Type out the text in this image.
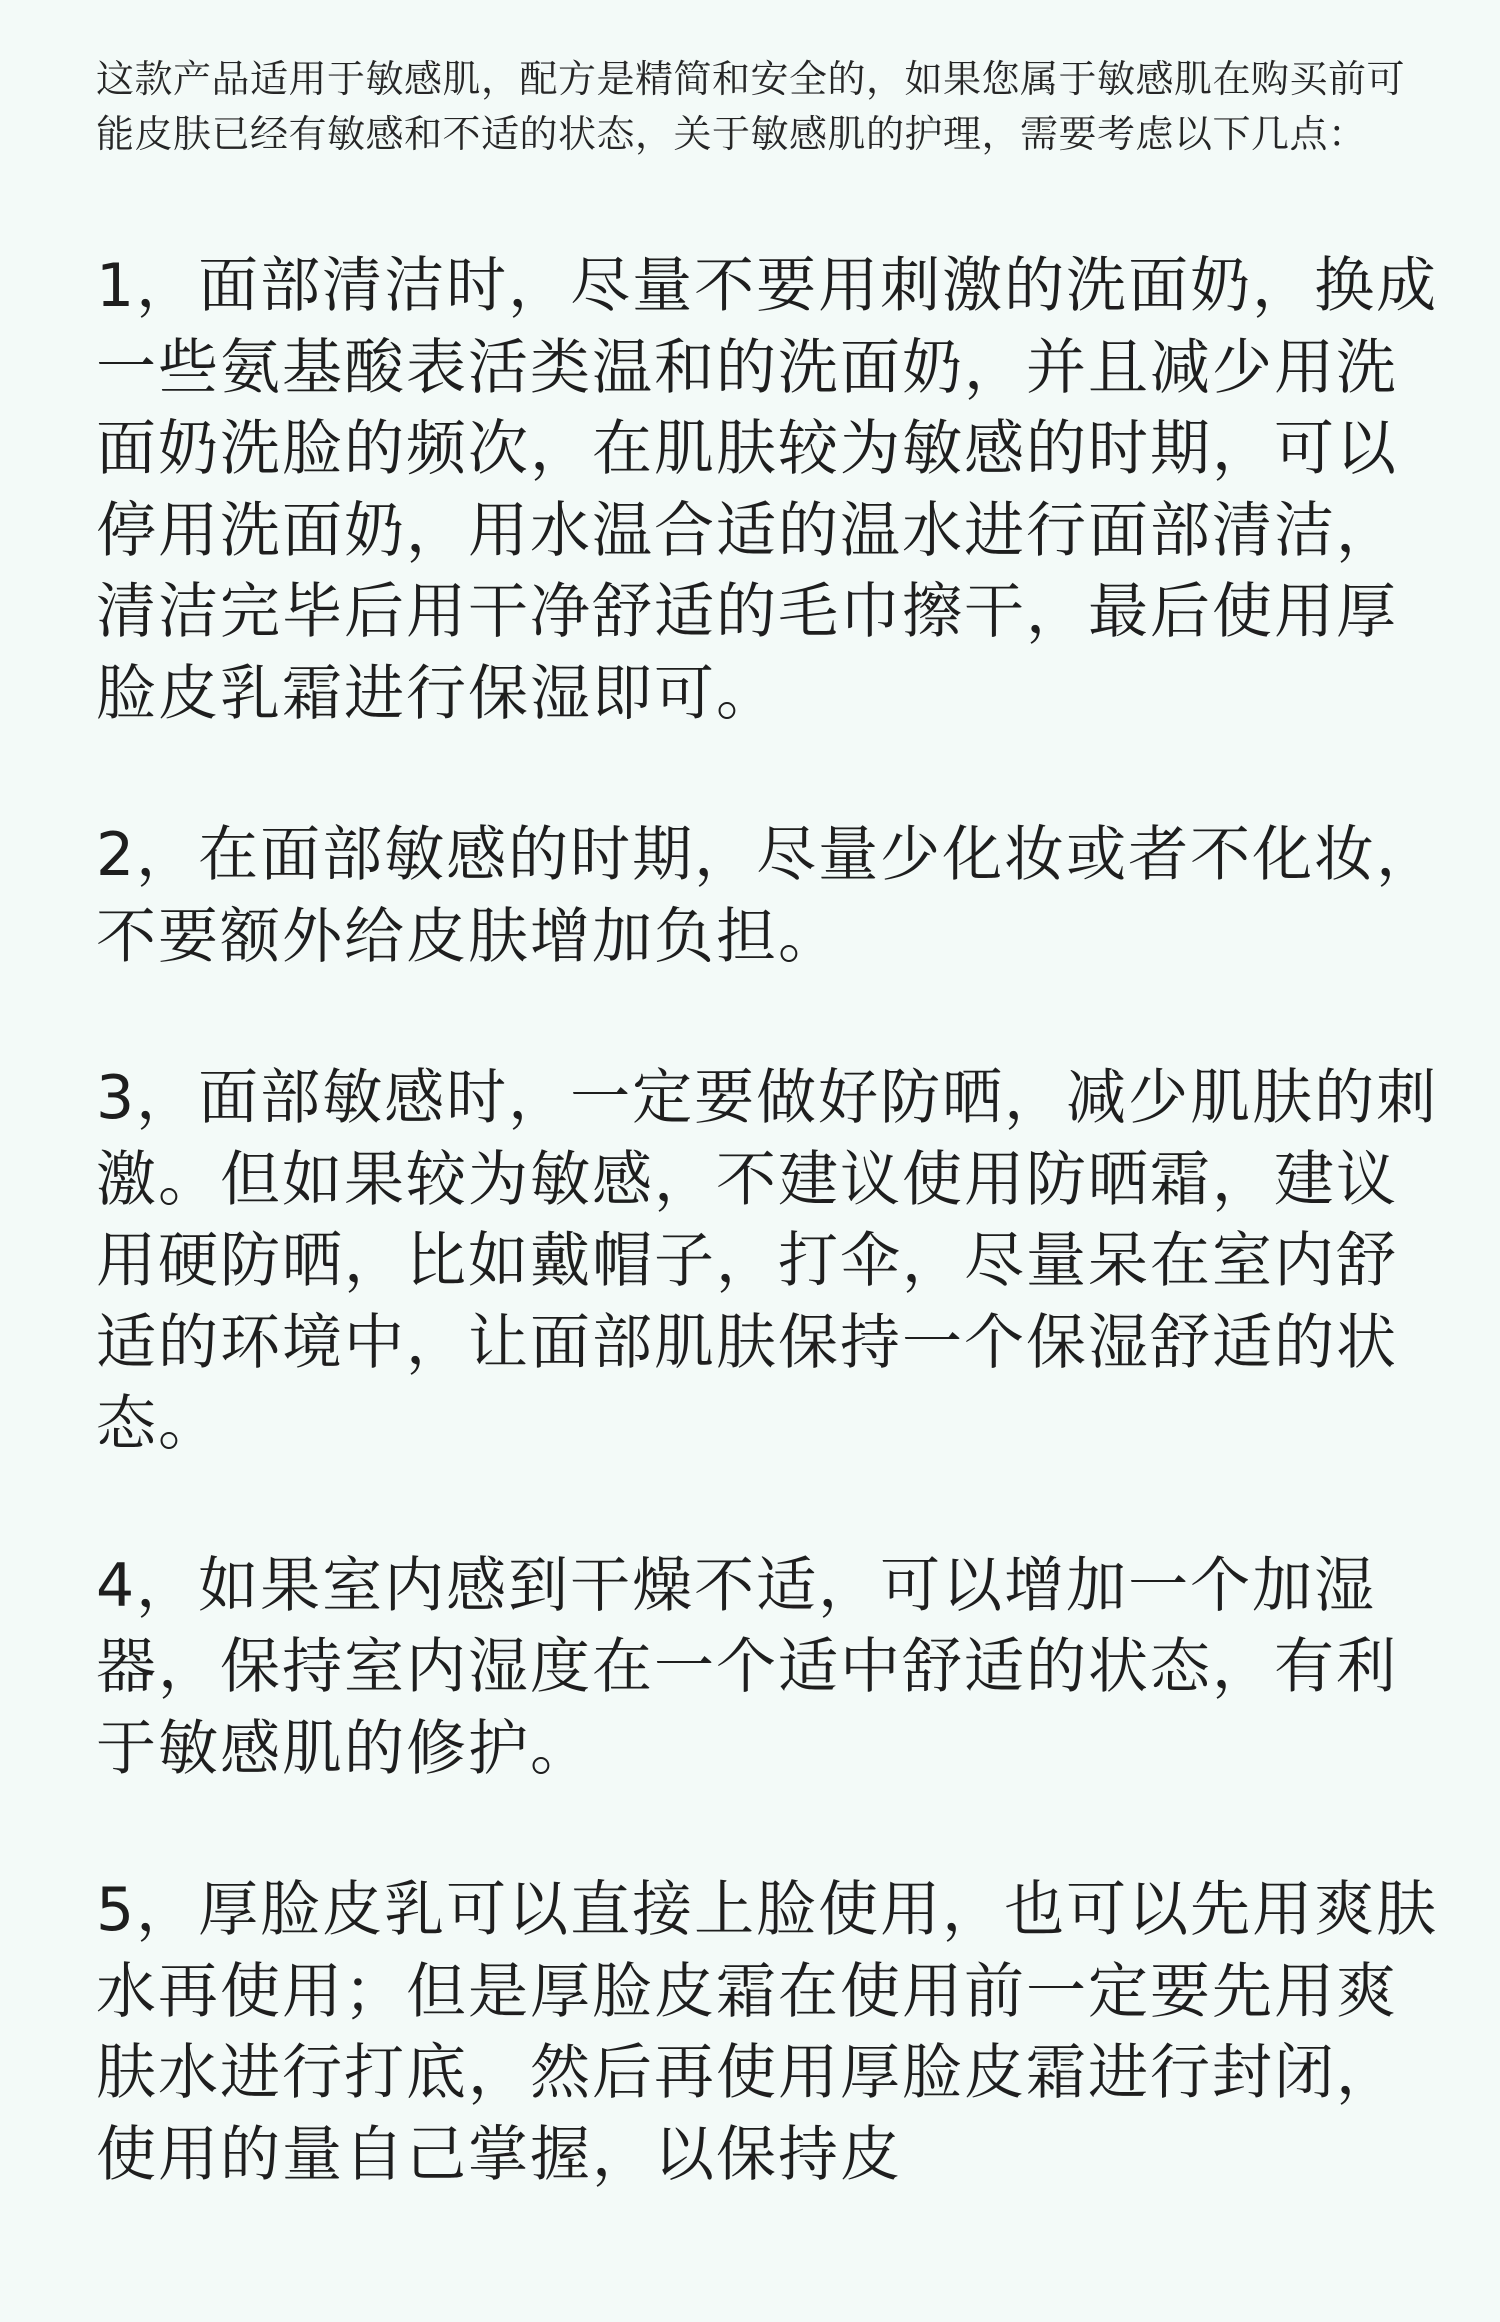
这款产品适用于敏感肌，配方是精简和安全的，如果您属于敏感肌在购买前可能皮肤已经有敏感和不适的状态，关于敏感肌的护理，需要考虑以下几点：

1，面部清洁时，尽量不要用刺激的洗面奶，换成一些氨基酸表活类温和的洗面奶，并且减少用洗面奶洗脸的频次，在肌肤较为敏感的时期，可以停用洗面奶，用水温合适的温水进行面部清洁，清洁完毕后用干净舒适的毛巾擦干，最后使用厚脸皮乳霜进行保湿即可。

2，在面部敏感的时期，尽量少化妆或者不化妆，不要额外给皮肤增加负担。

3，面部敏感时，一定要做好防晒，减少肌肤的刺激。但如果较为敏感，不建议使用防晒霜，建议用硬防晒，比如戴帽子，打伞，尽量呆在室内舒适的环境中，让面部肌肤保持一个保湿舒适的状态。

4，如果室内感到干燥不适，可以增加一个加湿器，保持室内湿度在一个适中舒适的状态，有利于敏感肌的修护。

5，厚脸皮乳可以直接上脸使用，也可以先用爽肤水再使用；但是厚脸皮霜在使用前一定要先用爽肤水进行打底，然后再使用厚脸皮霜进行封闭，使用的量自己掌握，以保持皮
